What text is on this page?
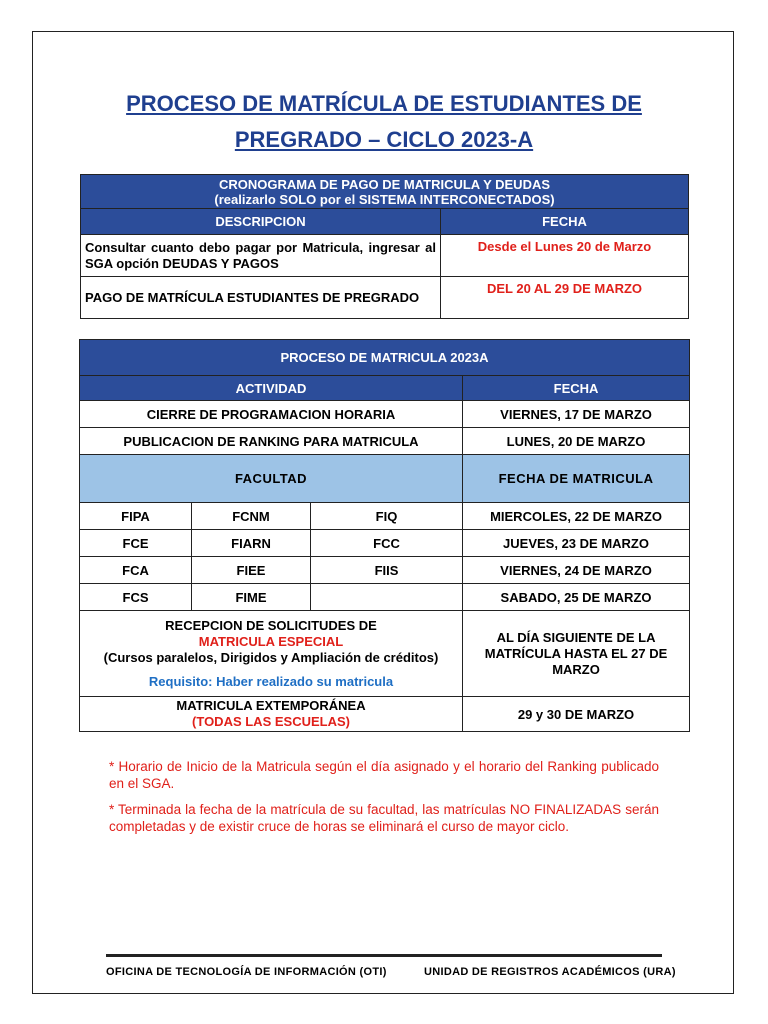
PROCESO DE MATRÍCULA DE ESTUDIANTES DE
PREGRADO – CICLO 2023-A
CRONOGRAMA DE PAGO DE MATRICULA Y DEUDAS
(realizarlo SOLO por el SISTEMA INTERCONECTADOS)	

DESCRIPCION	FECHA
Consultar cuanto debo pagar por Matricula, ingresar al SGA opción DEUDAS Y PAGOS	Desde el Lunes 20 de Marzo
PAGO DE MATRÍCULA ESTUDIANTES DE PREGRADO	DEL 20 AL 29 DE MARZO
PROCESO DE MATRICULA 2023A			
ACTIVIDAD			FECHA
CIERRE DE PROGRAMACION HORARIA			VIERNES, 17 DE MARZO
PUBLICACION DE RANKING PARA MATRICULA			LUNES, 20 DE MARZO
FACULTAD			FECHA DE MATRICULA
FIPA	FCNM	FIQ	MIERCOLES, 22 DE MARZO
FCE	FIARN	FCC	JUEVES, 23 DE MARZO
FCA	FIEE	FIIS	VIERNES, 24 DE MARZO
FCS	FIME		SABADO, 25 DE MARZO

RECEPCION DE SOLICITUDES DE
MATRICULA ESPECIAL
(Cursos paralelos, Dirigidos y Ampliación de créditos)
Requisito: Haber realizado su matricula			AL DÍA SIGUIENTE DE LA MATRÍCULA HASTA EL 27 DE MARZO

MATRICULA EXTEMPORÁNEA
(TODAS LAS ESCUELAS)			29 y 30 DE MARZO

* Horario de Inicio de la Matricula según el día asignado y el horario del Ranking publicado en el SGA.

* Terminada la fecha de la matrícula de su facultad, las matrículas NO FINALIZADAS serán completadas y de existir cruce de horas se eliminará el curso de mayor ciclo.

OFICINA DE TECNOLOGÍA DE INFORMACIÓN (OTI)	UNIDAD DE REGISTROS ACADÉMICOS (URA)
